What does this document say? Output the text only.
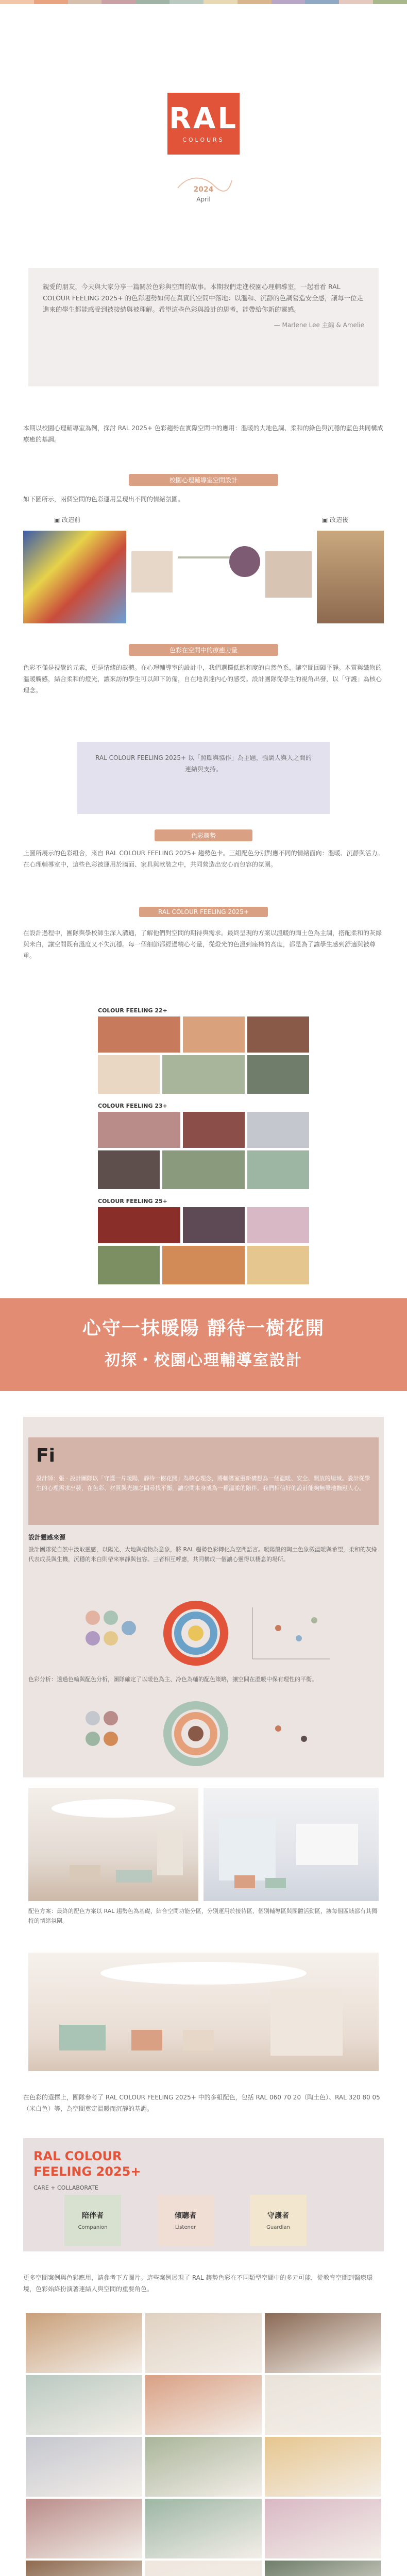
RAL
COLOURS
2024
April
親愛的朋友，今天與大家分享一篇關於色彩與空間的故事。本期我們走進校園心理輔導室，一起看看 RAL COLOUR FEELING 2025+ 的色彩趨勢如何在真實的空間中落地：以溫和、沉靜的色調營造安全感，讓每一位走進來的學生都能感受到被接納與被理解。希望這些色彩與設計的思考，能帶給你新的靈感。
— Marlene Lee 主編 & Amelie

本期以校園心理輔導室為例，探討 RAL 2025+ 色彩趨勢在實際空間中的應用：溫暖的大地色調、柔和的綠色與沉穩的藍色共同構成療癒的基調。

校園心理輔導室空間設計

如下圖所示，兩個空間的色彩運用呈現出不同的情緒氛圍。

▣ 改造前	▣ 改造後
色彩在空間中的療癒力量

色彩不僅是視覺的元素，更是情緒的載體。在心理輔導室的設計中，我們選擇低飽和度的自然色系，讓空間回歸平靜。木質與織物的溫暖觸感，結合柔和的燈光，讓來訪的學生可以卸下防備，自在地表達內心的感受。設計團隊從學生的視角出發，以「守護」為核心理念。

RAL COLOUR FEELING 2025+ 以「照顧與協作」為主題，強調人與人之間的連結與支持。
色彩趨勢

上圖所展示的色彩組合，來自 RAL COLOUR FEELING 2025+ 趨勢色卡。三組配色分別對應不同的情緒面向：溫暖、沉靜與活力。在心理輔導室中，這些色彩被運用於牆面、家具與軟裝之中，共同營造出安心而包容的氛圍。

RAL COLOUR FEELING 2025+

在設計過程中，團隊與學校師生深入溝通，了解他們對空間的期待與需求。最終呈現的方案以溫暖的陶土色為主調，搭配柔和的灰綠與米白，讓空間既有溫度又不失沉穩。每一個細節都經過精心考量，從燈光的色溫到座椅的高度，都是為了讓學生感到舒適與被尊重。

COLOUR FEELING 22+
COLOUR FEELING 23+
COLOUR FEELING 25+
心守一抹暖陽 靜待一樹花開
初探・校園心理輔導室設計
Fi
設計師：張 · 設計團隊以「守護一片暖陽，靜待一樹花開」為核心理念，將輔導室重新構想為一個溫暖、安全、開放的場域。設計從學生的心理需求出發，在色彩、材質與光線之間尋找平衡，讓空間本身成為一種溫柔的陪伴。我們相信好的設計能夠無聲地撫慰人心。
設計靈感來源

設計團隊從自然中汲取靈感，以陽光、大地與植物為意象，將 RAL 趨勢色彩轉化為空間語言。暖陽般的陶土色象徵溫暖與希望，柔和的灰綠代表成長與生機，沉穩的米白則帶來寧靜與包容。三者相互呼應，共同構成一個讓心靈得以棲息的場所。

色彩分析：透過色輪與配色分析，團隊確定了以暖色為主、冷色為輔的配色策略，讓空間在溫暖中保有理性的平衡。

配色方案：最終的配色方案以 RAL 趨勢色為基礎，結合空間功能分區，分別運用於接待區、個別輔導區與團體活動區，讓每個區域都有其獨特的情緒氛圍。

在色彩的選擇上，團隊參考了 RAL COLOUR FEELING 2025+ 中的多組配色，包括 RAL 060 70 20（陶土色）、RAL 320 80 05（米白色）等，為空間奠定溫暖而沉靜的基調。

RAL COLOUR FEELING 2025+
CARE + COLLABORATE
陪伴者
Companion
傾聽者
Listener
守護者
Guardian

更多空間案例與色彩應用，請參考下方圖片。這些案例展現了 RAL 趨勢色彩在不同類型空間中的多元可能，從教育空間到醫療環境，色彩始終扮演著連結人與空間的重要角色。
